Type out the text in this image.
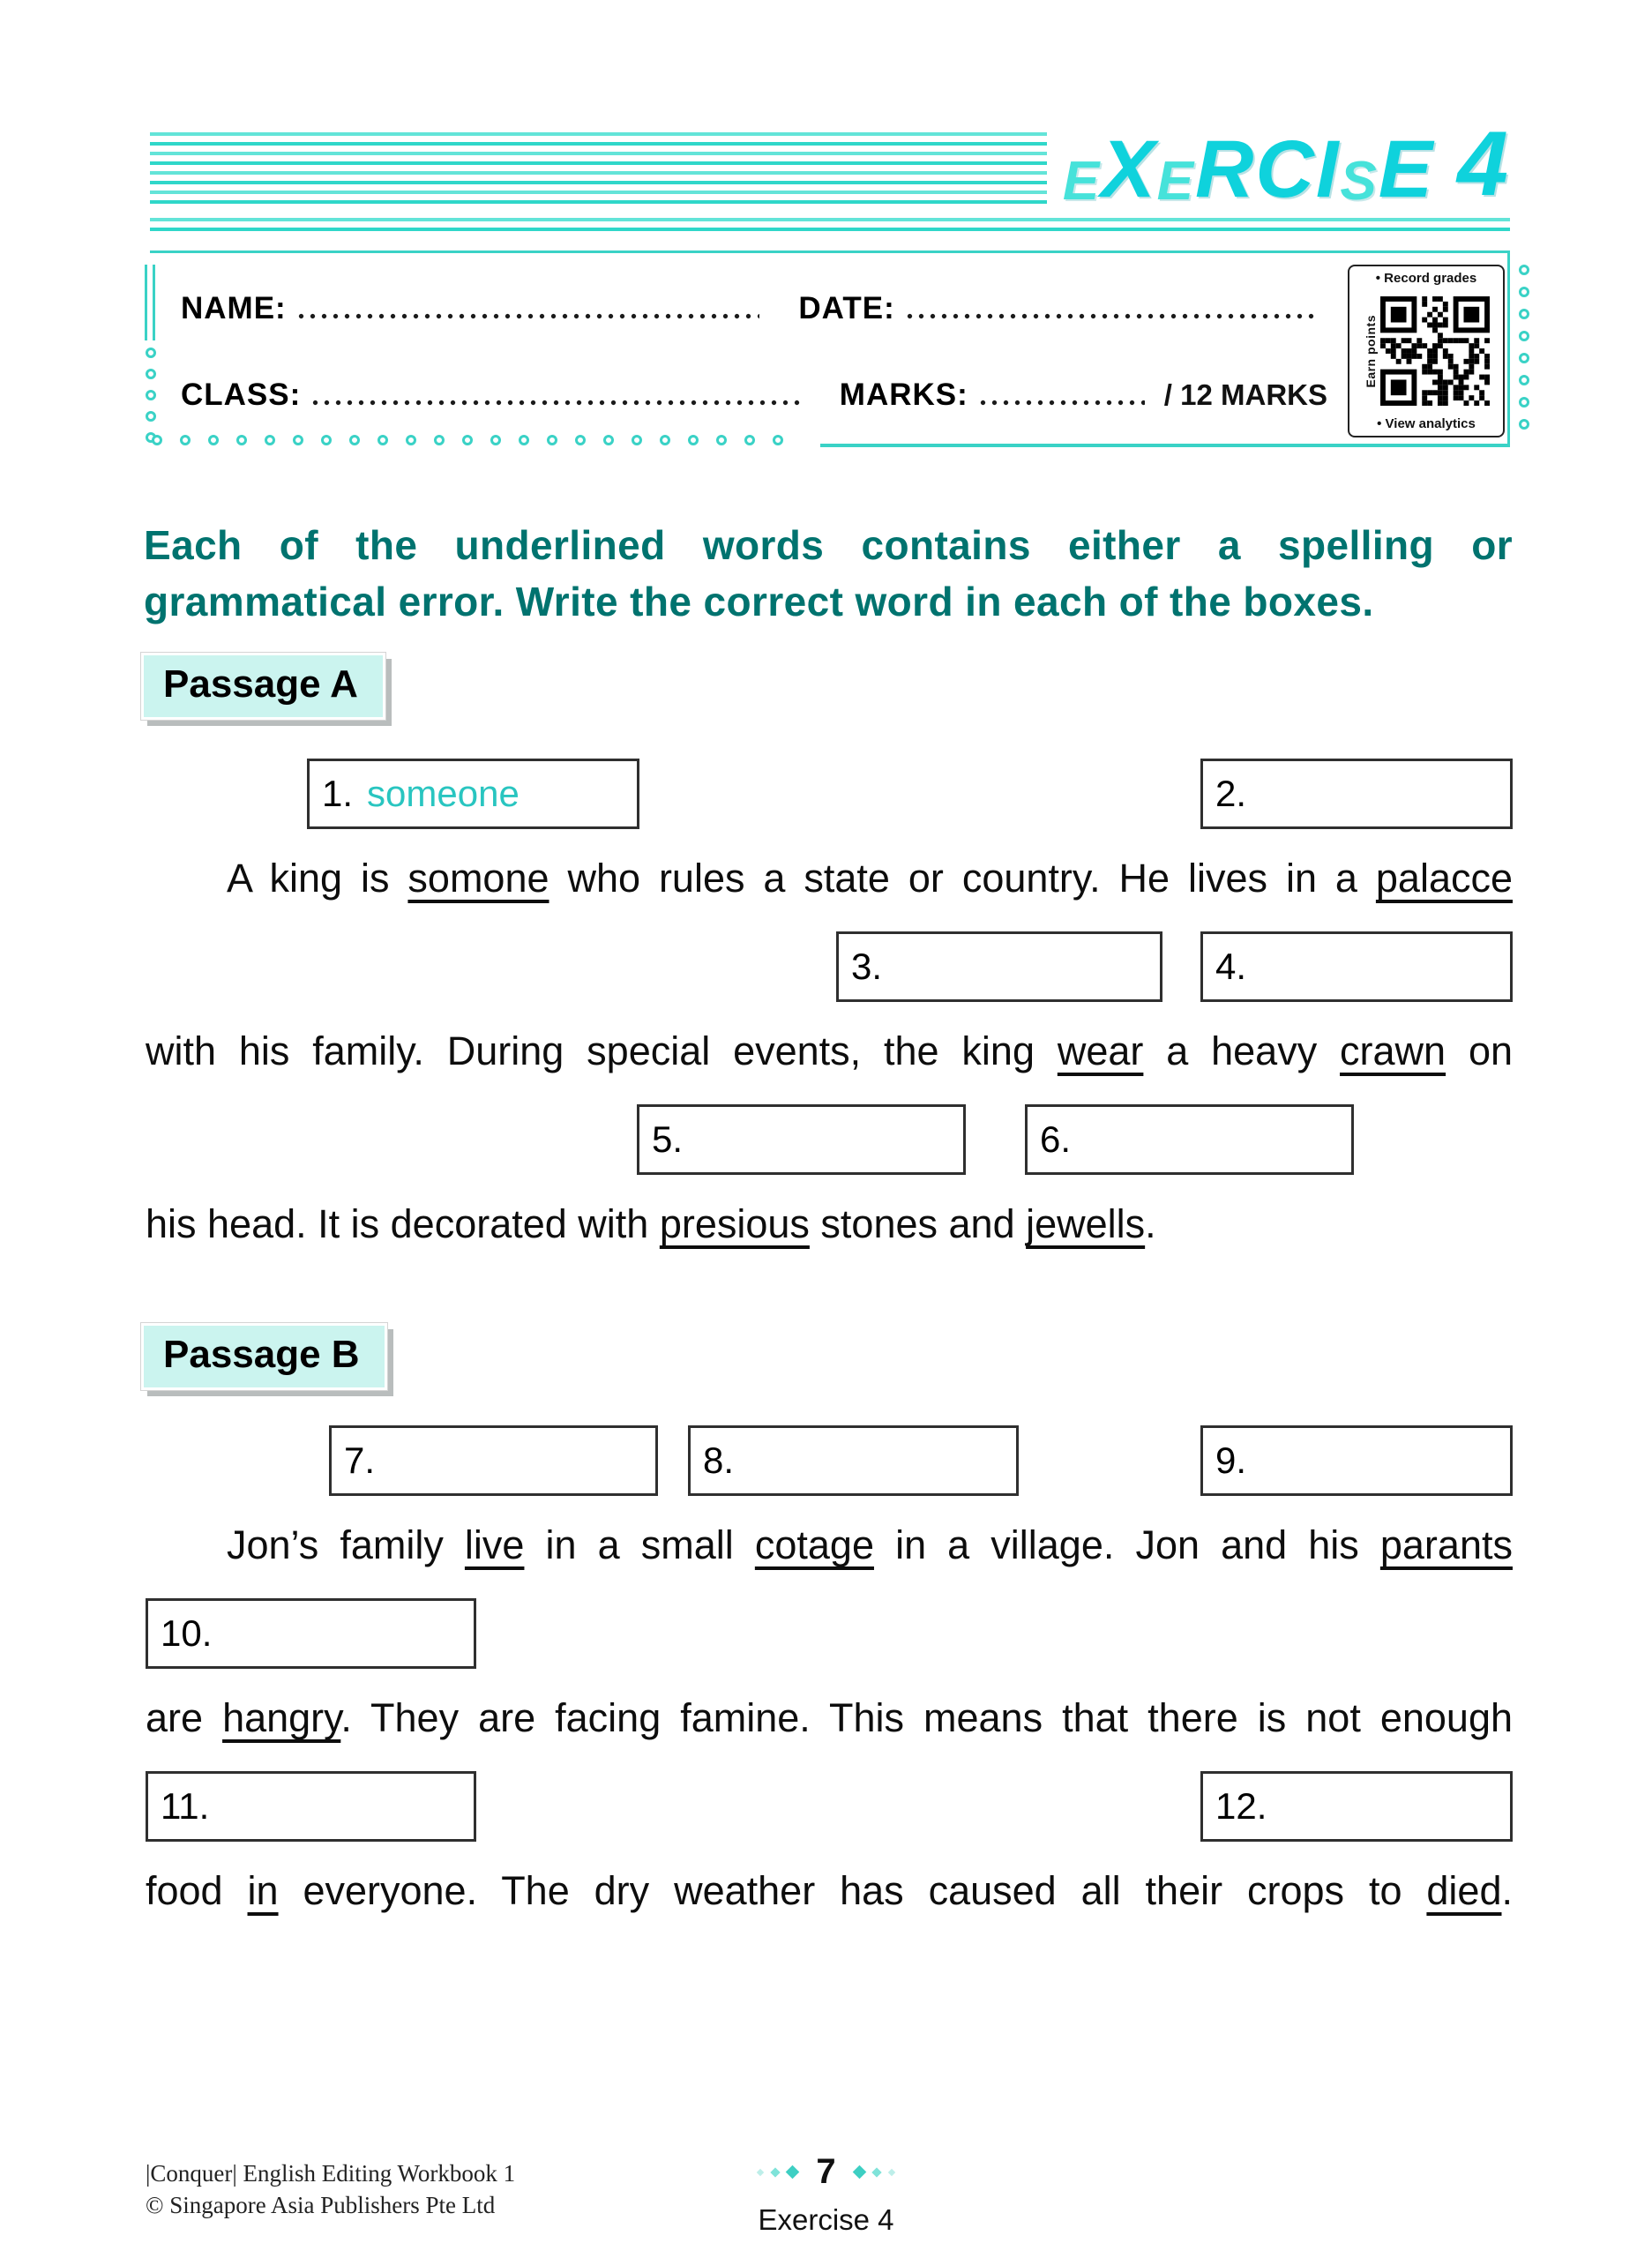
E X E R C I S E
4
NAME:	DATE:
CLASS:	MARKS:	/ 12 MARKS
• Record grades
Earn points
• View analytics
Each of the underlined words contains either a spelling or
grammatical error. Write the correct word in each of the boxes.
Passage A
1. someone	2.
A king is somone who rules a state or country. He lives in a palacce
3.	4.
with his family. During special events, the king wear a heavy crawn on
5.	6.
his head. It is decorated with presious stones and jewells.
Passage B
7.	8.	9.
Jon’s family live in a small cotage in a village. Jon and his parants
10.
are hangry. They are facing famine. This means that there is not enough
11.	12.
food in everyone. The dry weather has caused all their crops to died.
|Conquer| English Editing Workbook 1
© Singapore Asia Publishers Pte Ltd
7
Exercise 4
